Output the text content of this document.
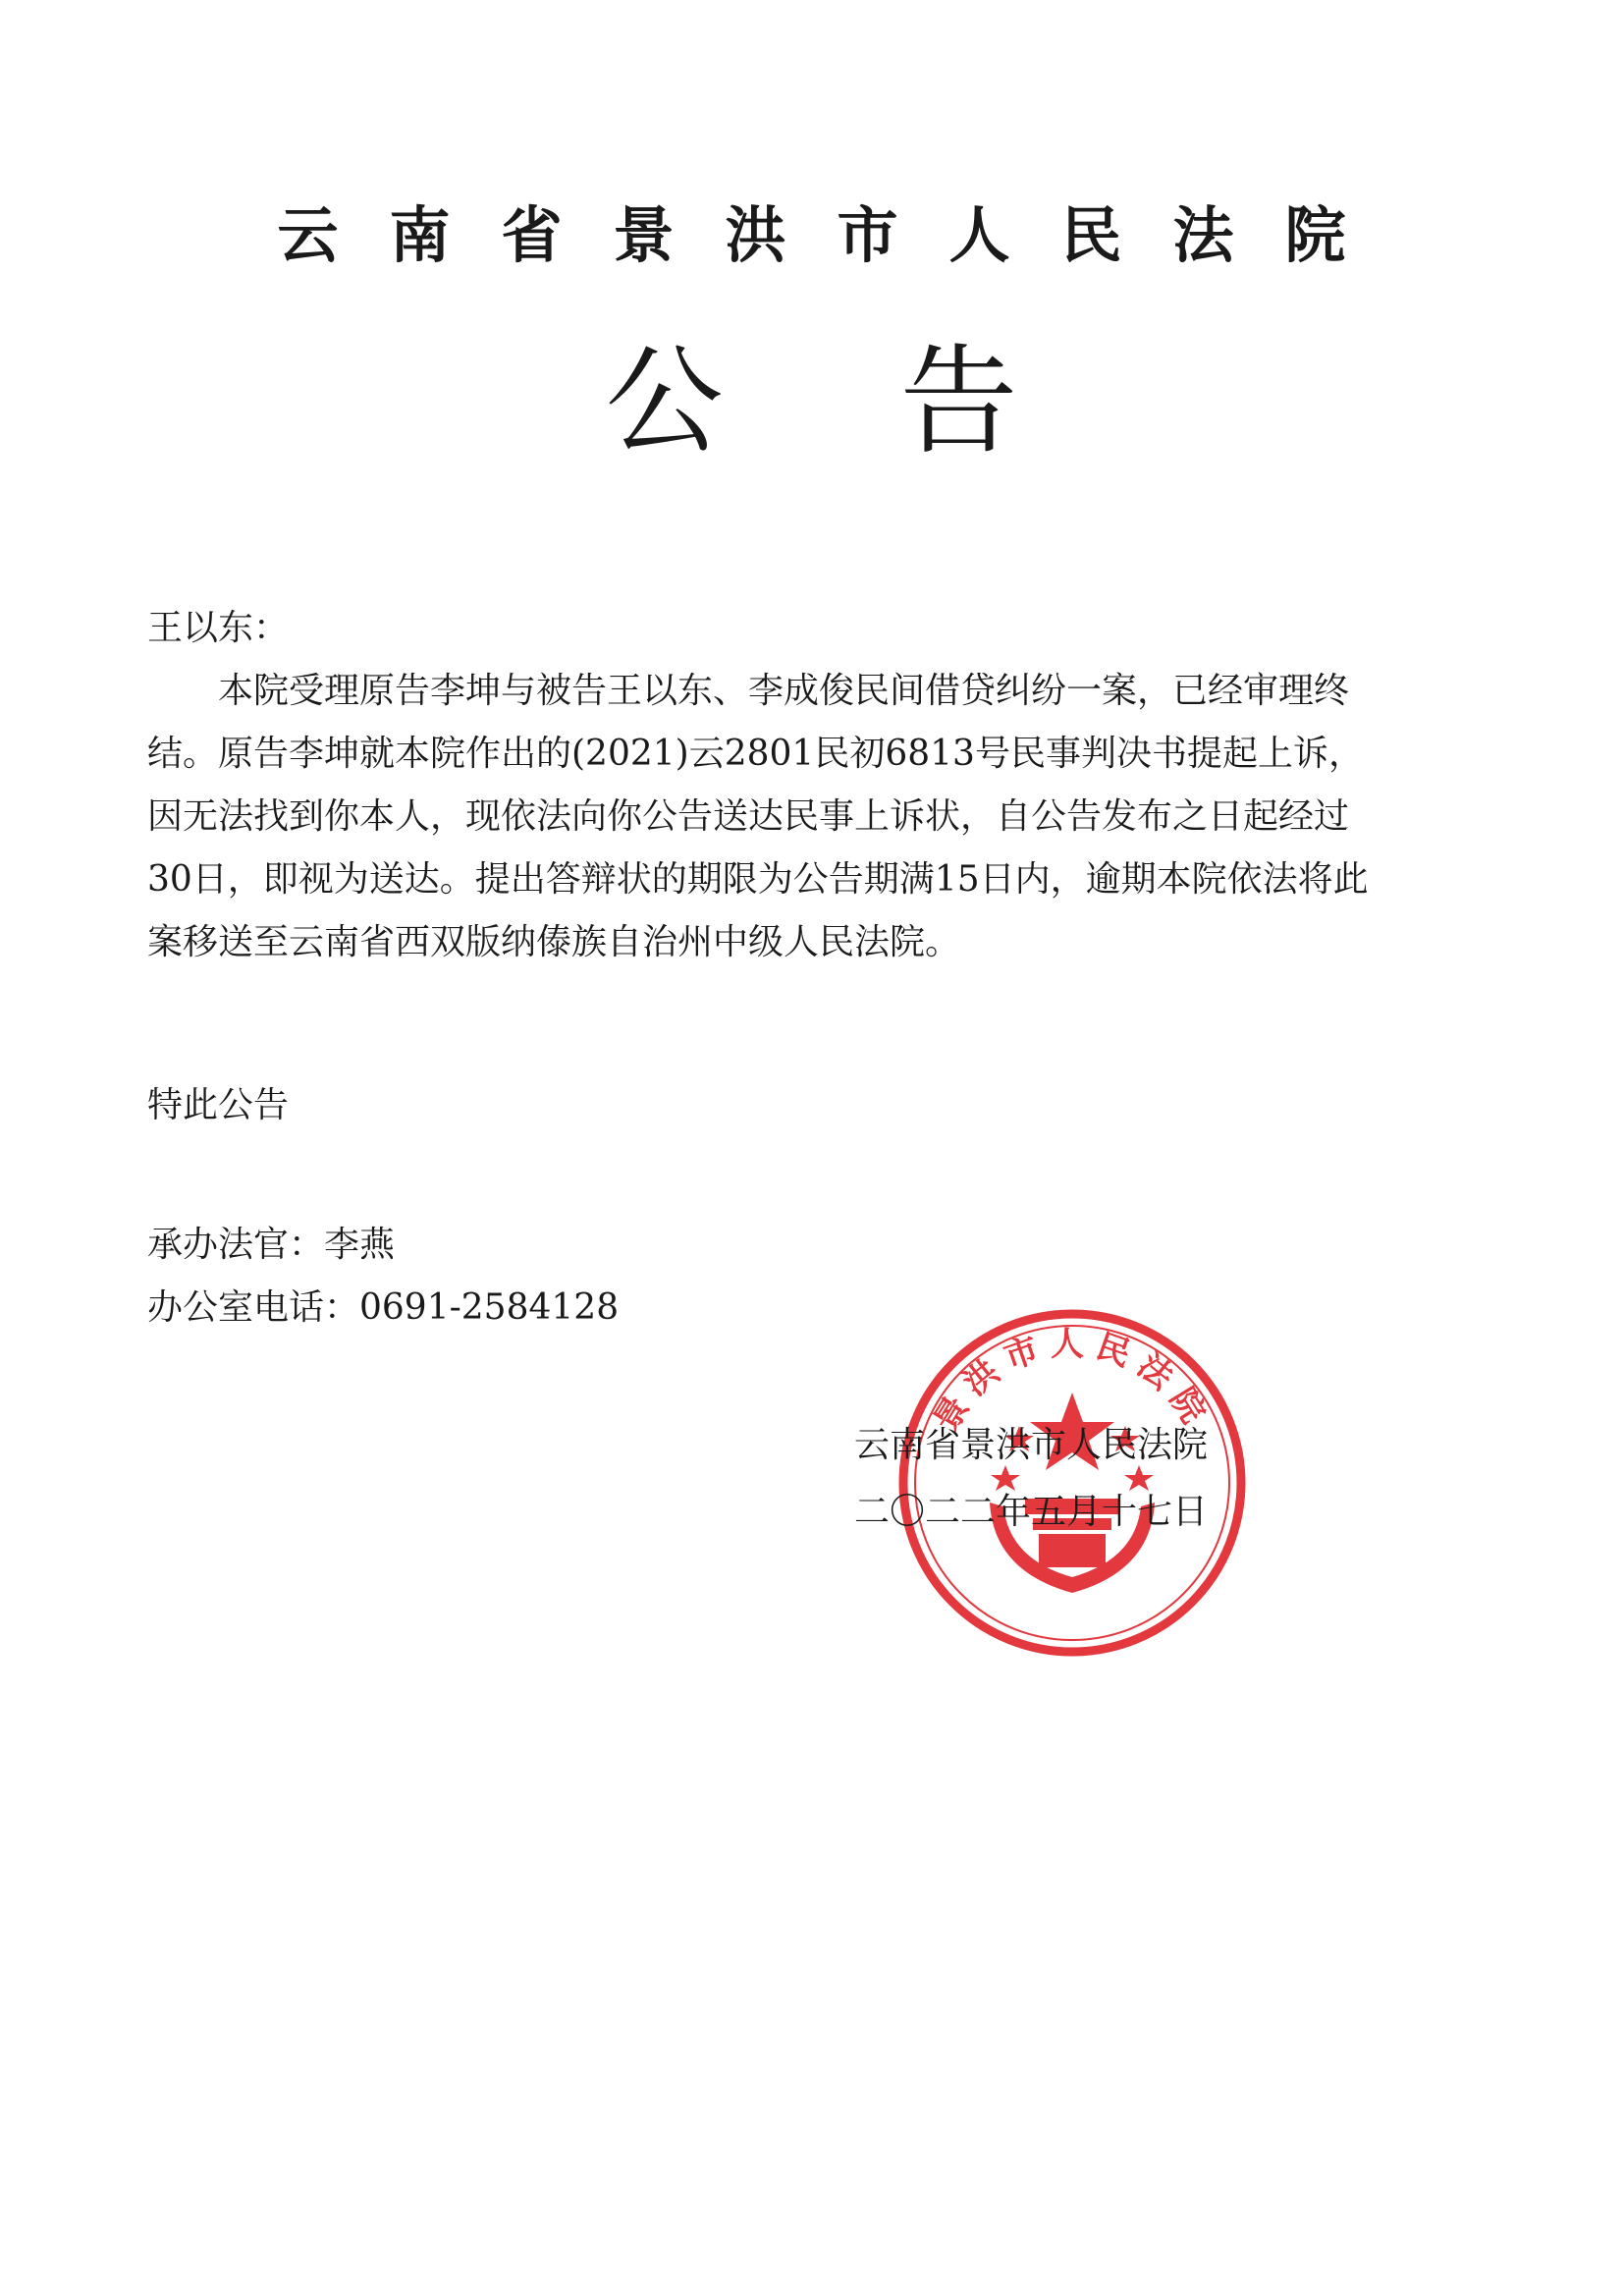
云南省景洪市人民法院
公告
王以东：
本院受理原告李坤与被告王以东、李成俊民间借贷纠纷一案，已经审理终
结。原告李坤就本院作出的(2021)云2801民初6813号民事判决书提起上诉，
因无法找到你本人，现依法向你公告送达民事上诉状，自公告发布之日起经过
30日，即视为送达。提出答辩状的期限为公告期满15日内，逾期本院依法将此
案移送至云南省西双版纳傣族自治州中级人民法院。
特此公告
承办法官：李燕
办公室电话：0691-2584128
景洪市人民法院
云南省景洪市人民法院
二〇二二年五月十七日
